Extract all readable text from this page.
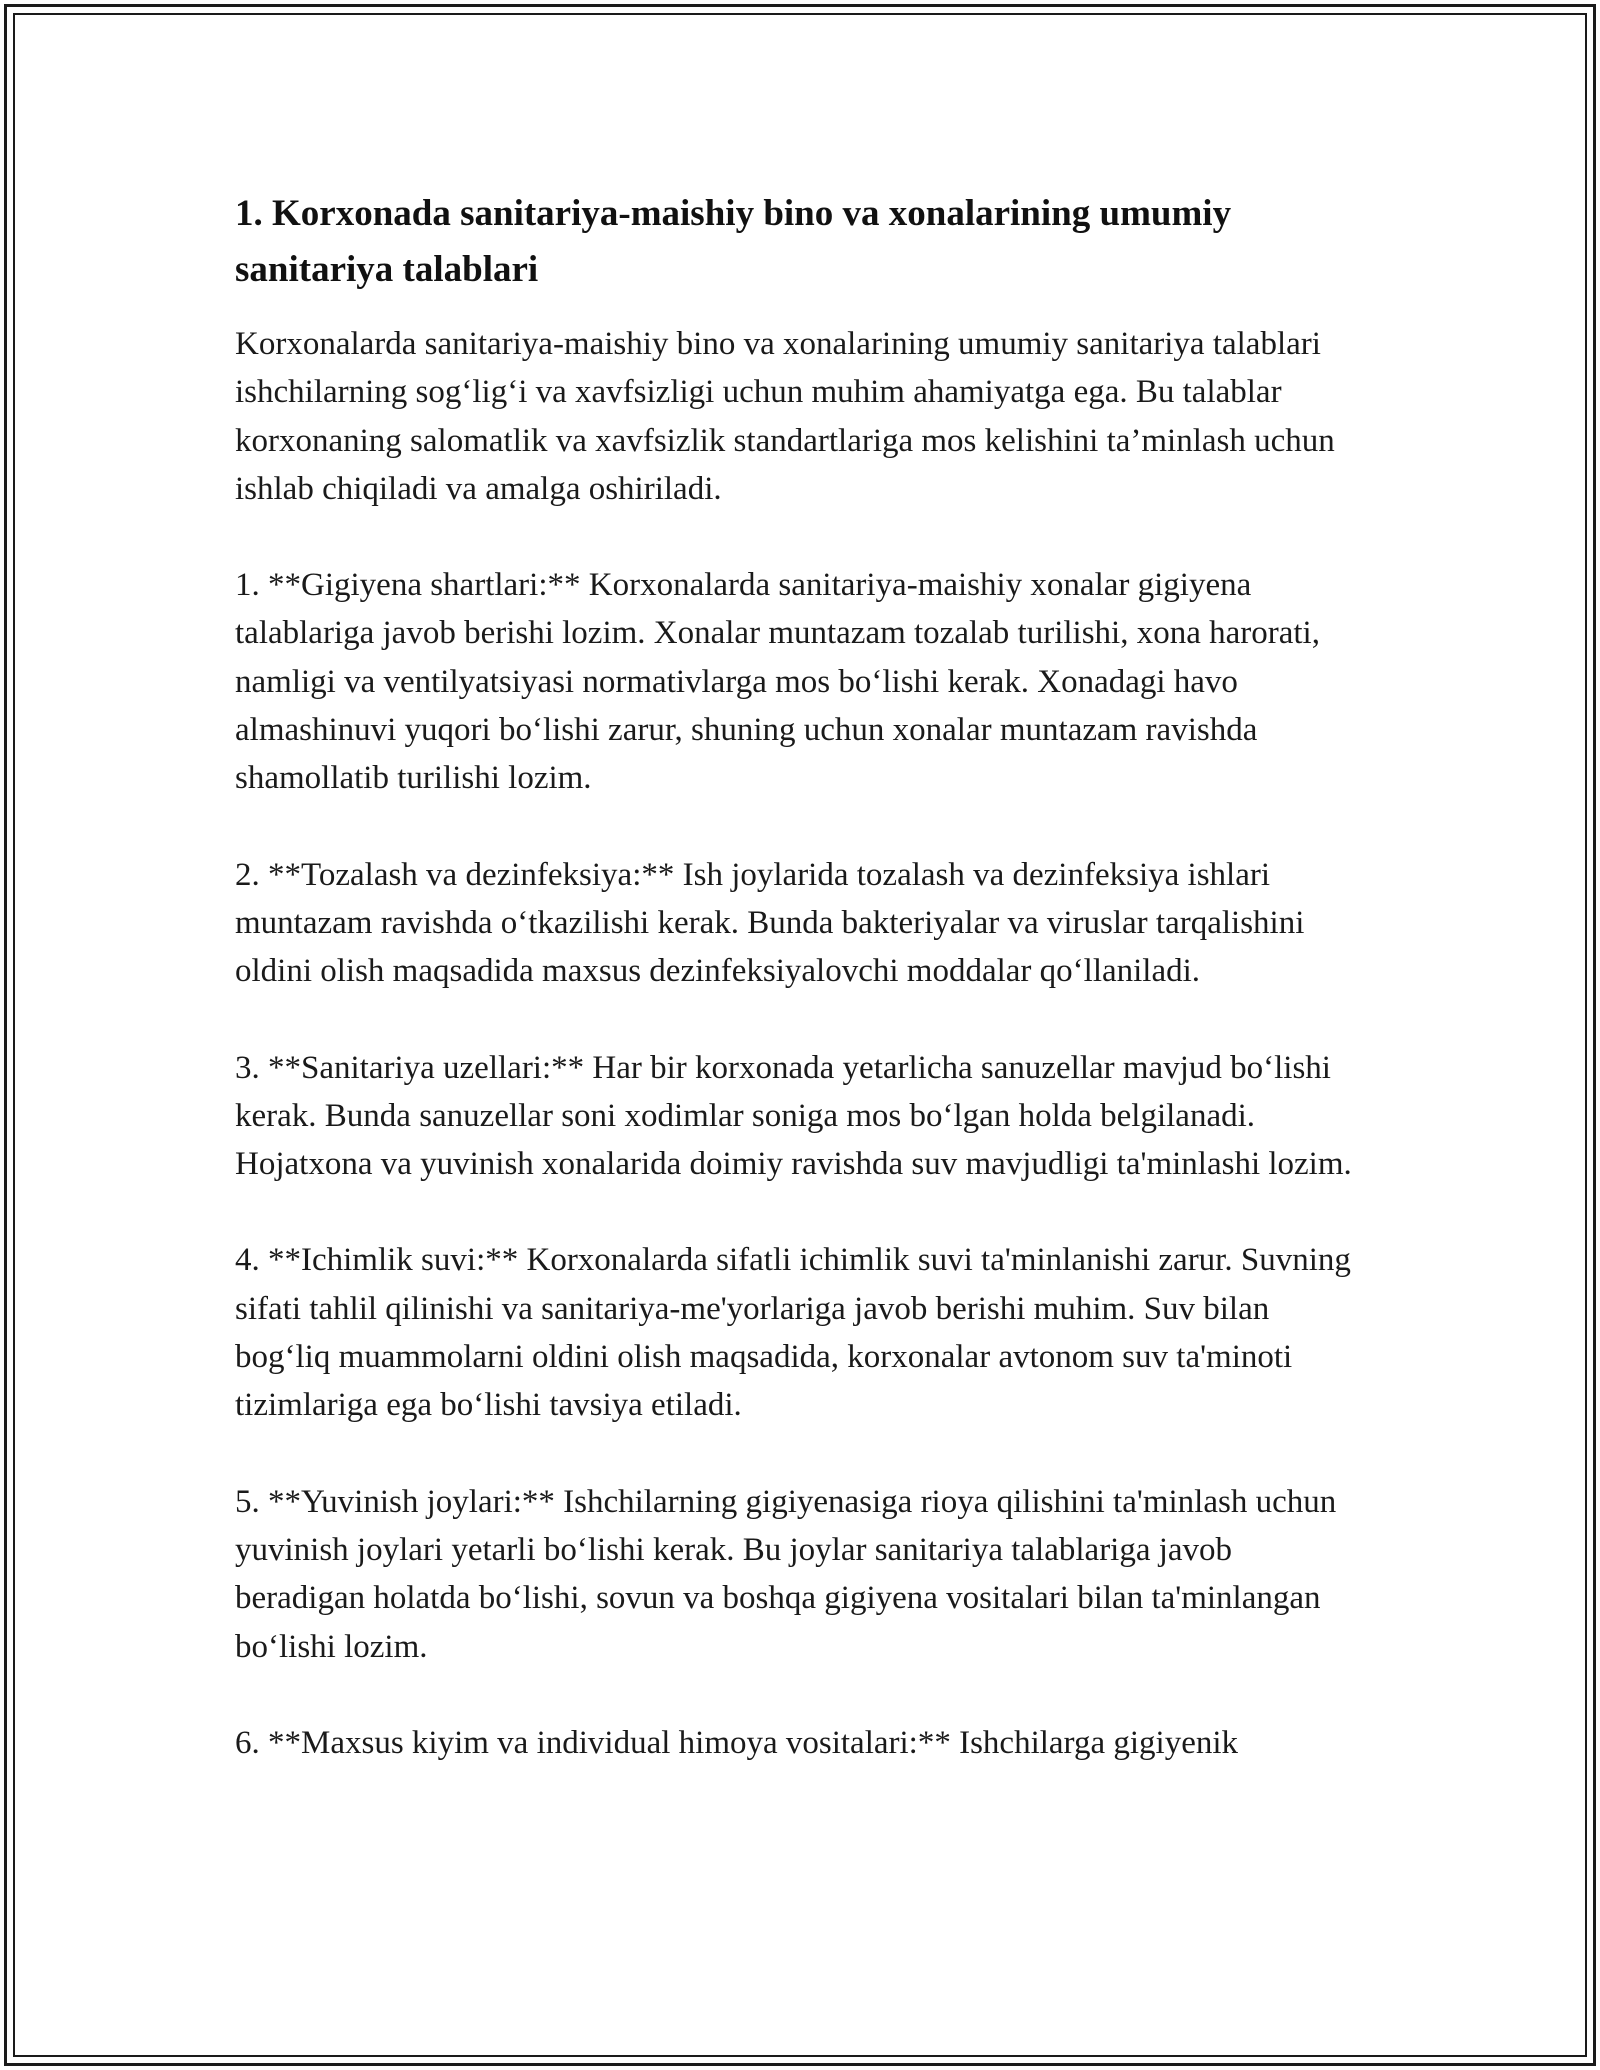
1. Korxonada sanitariya-maishiy bino va xonalarining umumiy sanitariya talablari

Korxonalarda sanitariya-maishiy bino va xonalarining umumiy sanitariya talablari ishchilarning sog‘lig‘i va xavfsizligi uchun muhim ahamiyatga ega. Bu talablar korxonaning salomatlik va xavfsizlik standartlariga mos kelishini ta’minlash uchun ishlab chiqiladi va amalga oshiriladi.

1. **Gigiyena shartlari:** Korxonalarda sanitariya-maishiy xonalar gigiyena talablariga javob berishi lozim. Xonalar muntazam tozalab turilishi, xona harorati, namligi va ventilyatsiyasi normativlarga mos bo‘lishi kerak. Xonadagi havo almashinuvi yuqori bo‘lishi zarur, shuning uchun xonalar muntazam ravishda shamollatib turilishi lozim.

2. **Tozalash va dezinfeksiya:** Ish joylarida tozalash va dezinfeksiya ishlari muntazam ravishda o‘tkazilishi kerak. Bunda bakteriyalar va viruslar tarqalishini oldini olish maqsadida maxsus dezinfeksiyalovchi moddalar qo‘llaniladi.

3. **Sanitariya uzellari:** Har bir korxonada yetarlicha sanuzellar mavjud bo‘lishi kerak. Bunda sanuzellar soni xodimlar soniga mos bo‘lgan holda belgilanadi. Hojatxona va yuvinish xonalarida doimiy ravishda suv mavjudligi ta'minlashi lozim.

4. **Ichimlik suvi:** Korxonalarda sifatli ichimlik suvi ta'minlanishi zarur. Suvning sifati tahlil qilinishi va sanitariya-me'yorlariga javob berishi muhim. Suv bilan bog‘liq muammolarni oldini olish maqsadida, korxonalar avtonom suv ta'minoti tizimlariga ega bo‘lishi tavsiya etiladi.

5. **Yuvinish joylari:** Ishchilarning gigiyenasiga rioya qilishini ta'minlash uchun yuvinish joylari yetarli bo‘lishi kerak. Bu joylar sanitariya talablariga javob beradigan holatda bo‘lishi, sovun va boshqa gigiyena vositalari bilan ta'minlangan bo‘lishi lozim.

6. **Maxsus kiyim va individual himoya vositalari:** Ishchilarga gigiyenik
